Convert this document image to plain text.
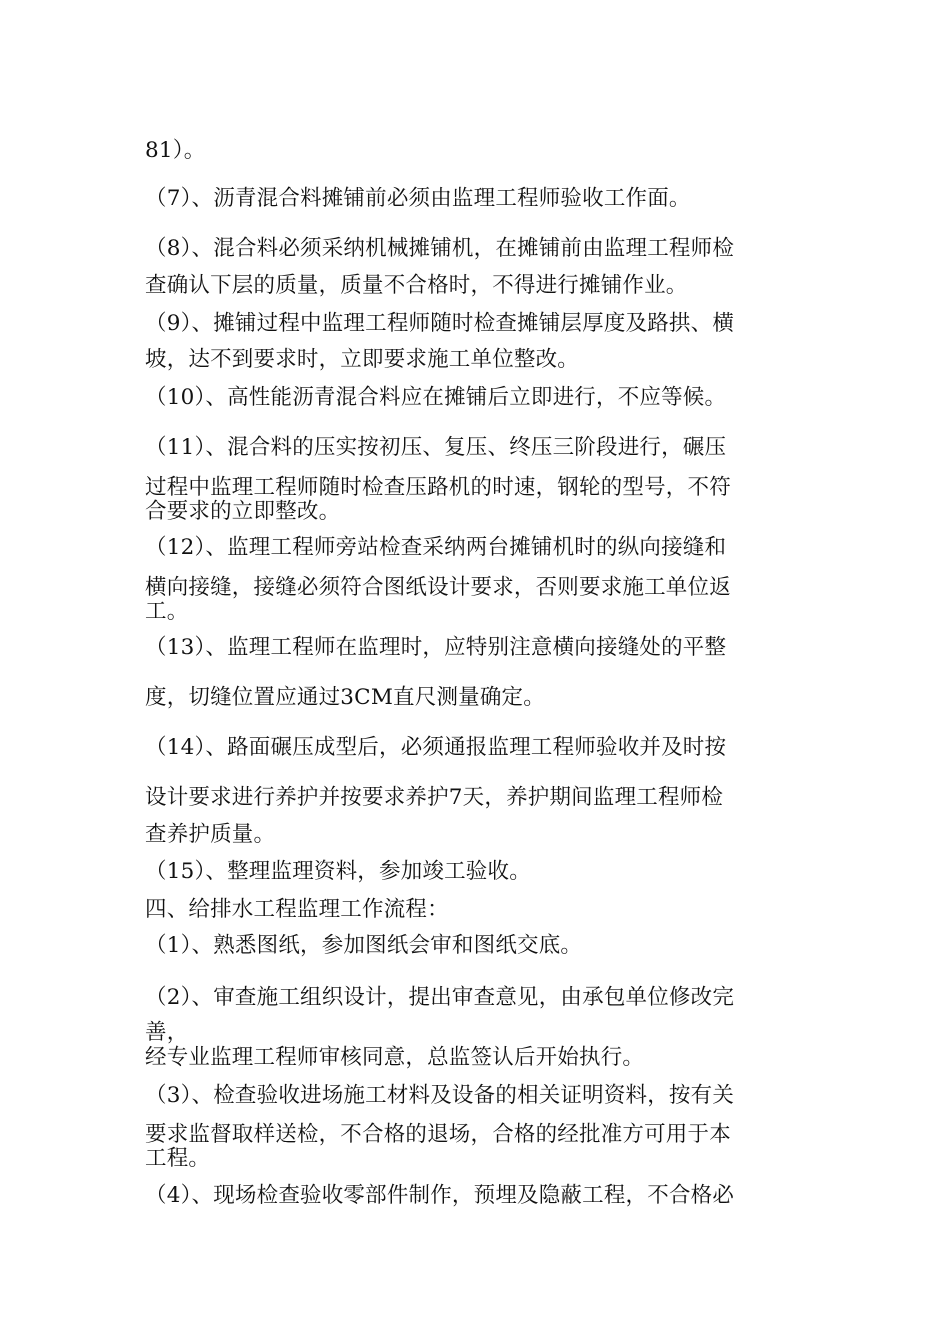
81）。
（7）、沥青混合料摊铺前必须由监理工程师验收工作面。
（8）、混合料必须采纳机械摊铺机，在摊铺前由监理工程师检
查确认下层的质量，质量不合格时，不得进行摊铺作业。
（9）、摊铺过程中监理工程师随时检查摊铺层厚度及路拱、横
坡，达不到要求时，立即要求施工单位整改。
（10）、高性能沥青混合料应在摊铺后立即进行，不应等候。
（11）、混合料的压实按初压、复压、终压三阶段进行，碾压
过程中监理工程师随时检查压路机的时速，钢轮的型号，不符
合要求的立即整改。
（12）、监理工程师旁站检查采纳两台摊铺机时的纵向接缝和
横向接缝，接缝必须符合图纸设计要求，否则要求施工单位返
工。
（13）、监理工程师在监理时，应特别注意横向接缝处的平整
度，切缝位置应通过3CM直尺测量确定。
（14）、路面碾压成型后，必须通报监理工程师验收并及时按
设计要求进行养护并按要求养护7天，养护期间监理工程师检
查养护质量。
（15）、整理监理资料，参加竣工验收。
四、给排水工程监理工作流程：
（1）、熟悉图纸，参加图纸会审和图纸交底。
（2）、审查施工组织设计，提出审查意见，由承包单位修改完
善，
经专业监理工程师审核同意，总监签认后开始执行。
（3）、检查验收进场施工材料及设备的相关证明资料，按有关
要求监督取样送检，不合格的退场，合格的经批准方可用于本
工程。
（4）、现场检查验收零部件制作，预埋及隐蔽工程，不合格必
